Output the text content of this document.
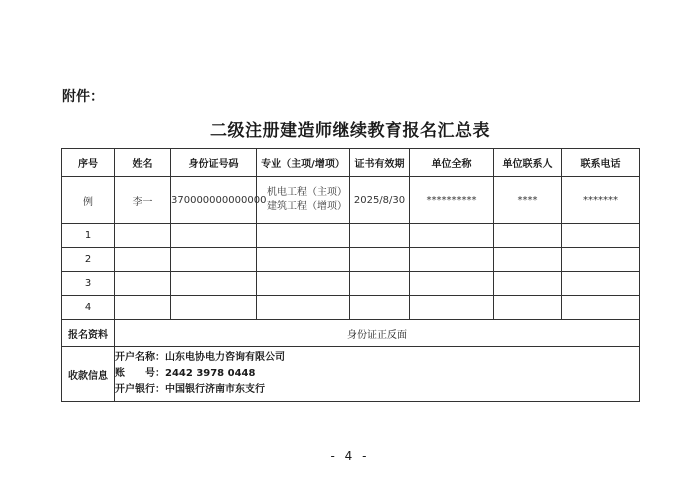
附件：
二级注册建造师继续教育报名汇总表
序号	姓名	身份证号码	专业（主项/增项）	证书有效期	单位全称	单位联系人	联系电话
例	李一	370000000000000	机电工程（主项）
建筑工程（增项）	2025/8/30	**********	****	*******
1							
2							
3							
4							
报名资料	身份证正反面						
收款信息	开户名称：山东电协电力咨询有限公司
账　　号：2442 3978 0448
开户银行：中国银行济南市东支行						
- 4 -
